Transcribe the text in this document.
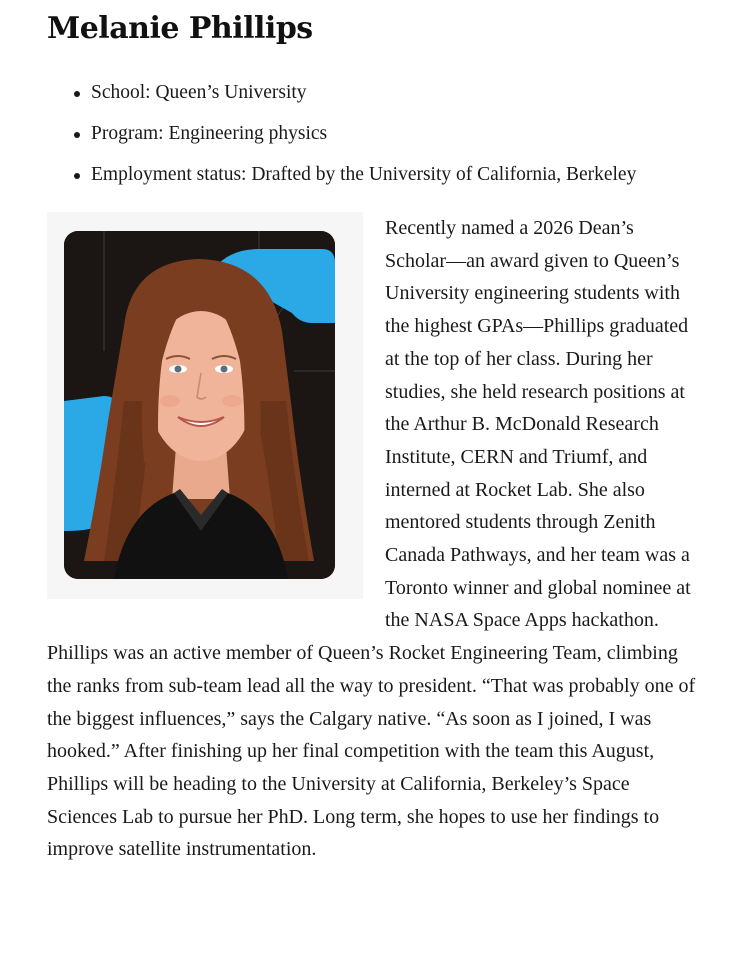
Melanie Phillips
School: Queen’s University
Program: Engineering physics
Employment status: Drafted by the University of California, Berkeley
Recently named a 2026 Dean’s Scholar—an award given to Queen’s University engineering students with the highest GPAs—Phillips graduated at the top of her class. During her studies, she held research positions at the Arthur B. McDonald Research Institute, CERN and Triumf, and interned at Rocket Lab. She also mentored students through Zenith Canada Pathways, and her team was a Toronto winner and global nominee at the NASA Space Apps hackathon. Phillips was an active member of Queen’s Rocket Engineering Team, climbing the ranks from sub-team lead all the way to president. “That was probably one of the biggest influences,” says the Calgary native. “As soon as I joined, I was hooked.” After finishing up her final competition with the team this August, Phillips will be heading to the University at California, Berkeley’s Space Sciences Lab to pursue her PhD. Long term, she hopes to use her findings to improve satellite instrumentation.
